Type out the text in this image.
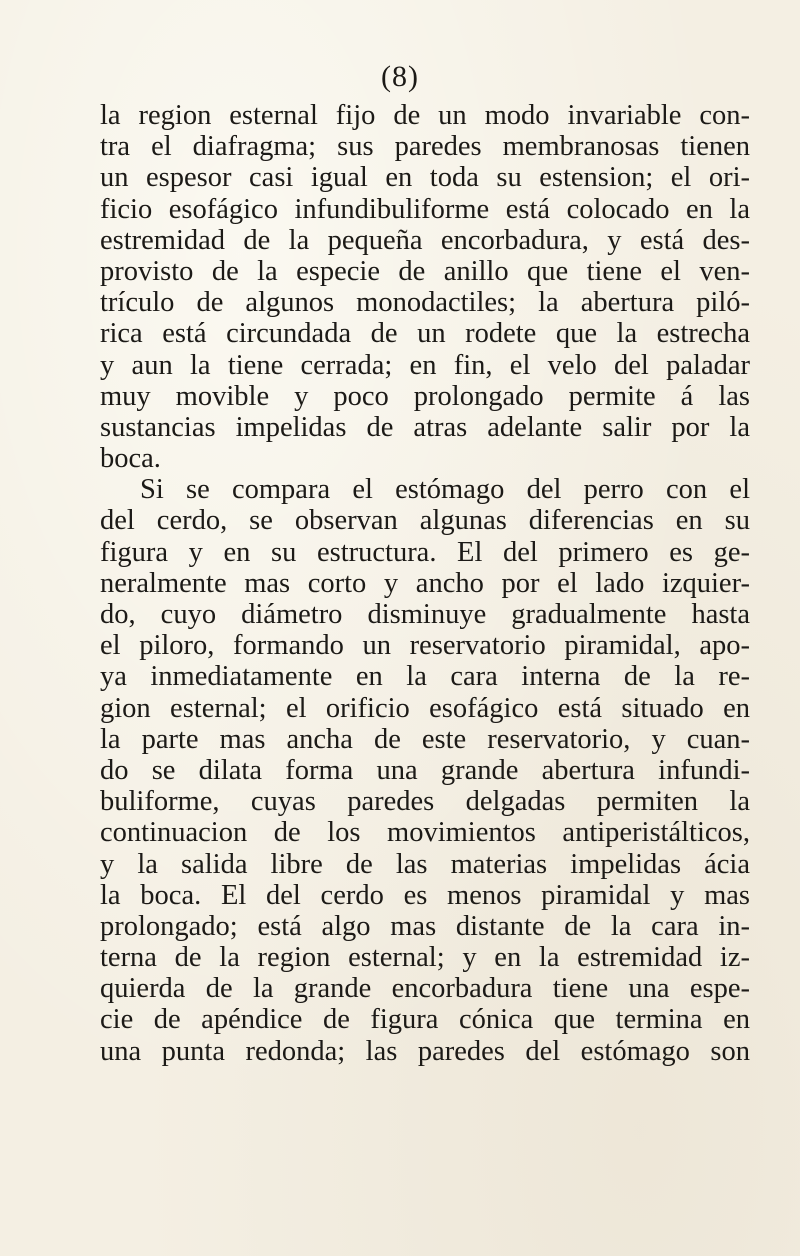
(8)
la region esternal fijo de un modo invariable con-
tra el diafragma; sus paredes membranosas tienen
un espesor casi igual en toda su estension; el ori-
ficio esofágico infundibuliforme está colocado en la
estremidad de la pequeña encorbadura, y está des-
provisto de la especie de anillo que tiene el ven-
trículo de algunos monodactiles; la abertura piló-
rica está circundada de un rodete que la estrecha
y aun la tiene cerrada; en fin, el velo del paladar
muy movible y poco prolongado permite á las
sustancias impelidas de atras adelante salir por la
boca.
Si se compara el estómago del perro con el
del cerdo, se observan algunas diferencias en su
figura y en su estructura. El del primero es ge-
neralmente mas corto y ancho por el lado izquier-
do, cuyo diámetro disminuye gradualmente hasta
el piloro, formando un reservatorio piramidal, apo-
ya inmediatamente en la cara interna de la re-
gion esternal; el orificio esofágico está situado en
la parte mas ancha de este reservatorio, y cuan-
do se dilata forma una grande abertura infundi-
buliforme, cuyas paredes delgadas permiten la
continuacion de los movimientos antiperistálticos,
y la salida libre de las materias impelidas ácia
la boca. El del cerdo es menos piramidal y mas
prolongado; está algo mas distante de la cara in-
terna de la region esternal; y en la estremidad iz-
quierda de la grande encorbadura tiene una espe-
cie de apéndice de figura cónica que termina en
una punta redonda; las paredes del estómago son
